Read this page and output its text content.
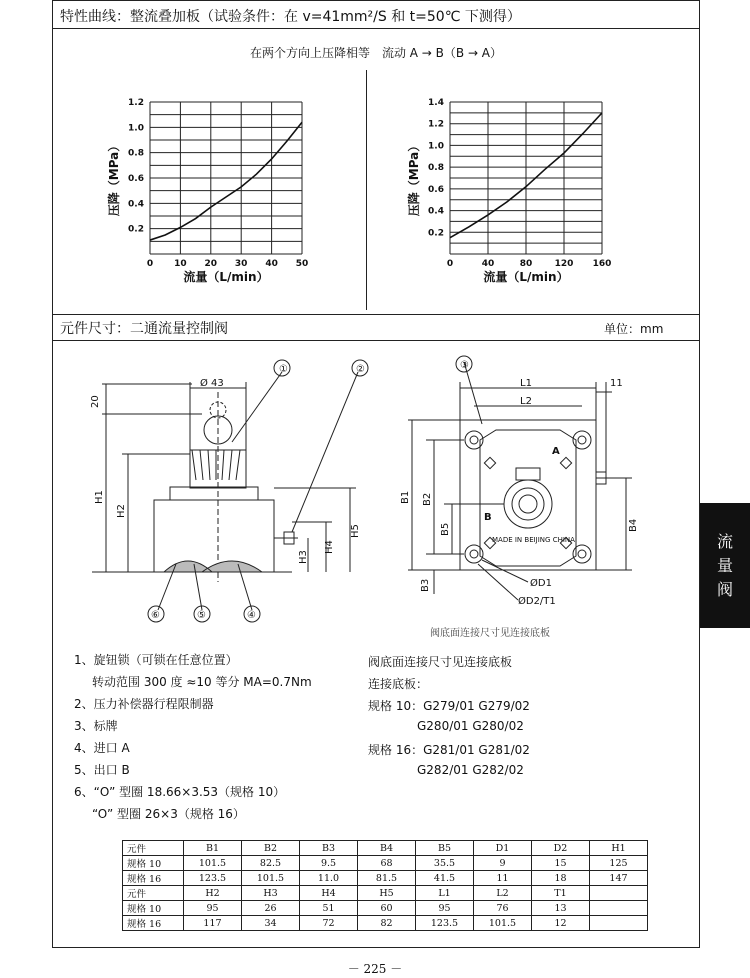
特性曲线：整流叠加板（试验条件：在 v=41mm²/S 和 t=50℃ 下测得）
在两个方向上压降相等　流动 A → B（B → A）
0 10 20 30 40 50
0.2
0.4
0.6
0.8
1.0
1.2
流量（L/min）
压降（MPa）
0	40	80 120 160
0.2
0.4
0.6
0.8
1.0
1.2
1.4
流量（L/min）
压降（MPa）
元件尺寸：二通流量控制阀	单位：mm
Ø 43
20
H1
H2
H3
H4
H5
①	②
⑥	⑤	④
③
L1
L2
11
B1 B2
B5
B3
B4
A
B
ØD1
ØD2/T1
MADE IN BEIJING CHINA
阀底面连接尺寸见连接底板
1、旋钮锁（可锁在任意位置）
转动范围 300 度 ≈10 等分 MA=0.7Nm
2、压力补偿器行程限制器
3、标牌
4、进口 A
5、出口 B
6、“O” 型圈 18.66×3.53（规格 10）
“O” 型圈 26×3（规格 16）
阀底面连接尺寸见连接底板
连接底板：
规格 10：G279/01 G279/02
G280/01 G280/02
规格 16：G281/01 G281/02
G282/01 G282/02
元件	B1	B2	B3	B4	B5	D1	D2	H1
规格 10	101.5	82.5	9.5	68	35.5	9	15	125
规格 16	123.5	101.5	11.0	81.5	41.5	11	18	147
元件	H2	H3	H4	H5	L1	L2	T1	
规格 10	95	26	51	60	95	76	13	
规格 16	117	34	72	82	123.5	101.5	12	
流
量
阀
－ 225 －
